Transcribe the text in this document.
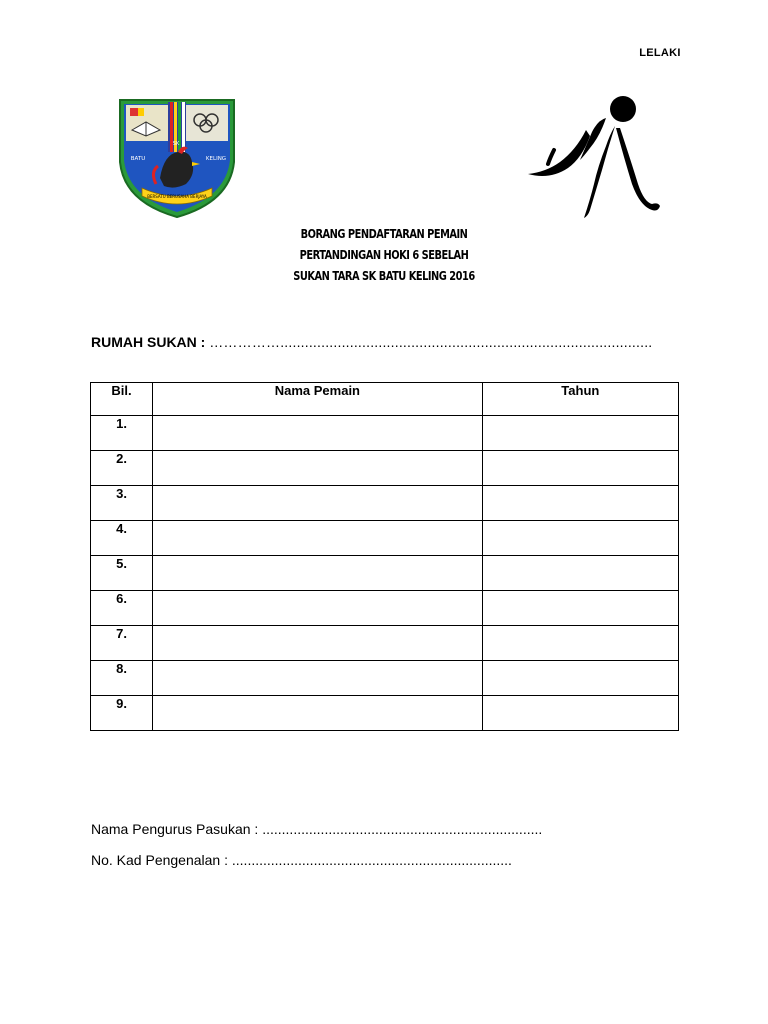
LELAKI
SK
BATU	KELING
BERSATU BERUSAHA BERJAYA
BORANG PENDAFTARAN PEMAIN
PERTANDINGAN HOKI 6 SEBELAH
SUKAN TARA SK BATU KELING 2016
RUMAH SUKAN : ……………...........................................................................................
Bil.	Nama Pemain	Tahun
1.		
2.		
3.		
4.		
5.		
6.		
7.		
8.		
9.		
Nama Pengurus Pasukan : ........................................................................
No. Kad Pengenalan : ........................................................................
